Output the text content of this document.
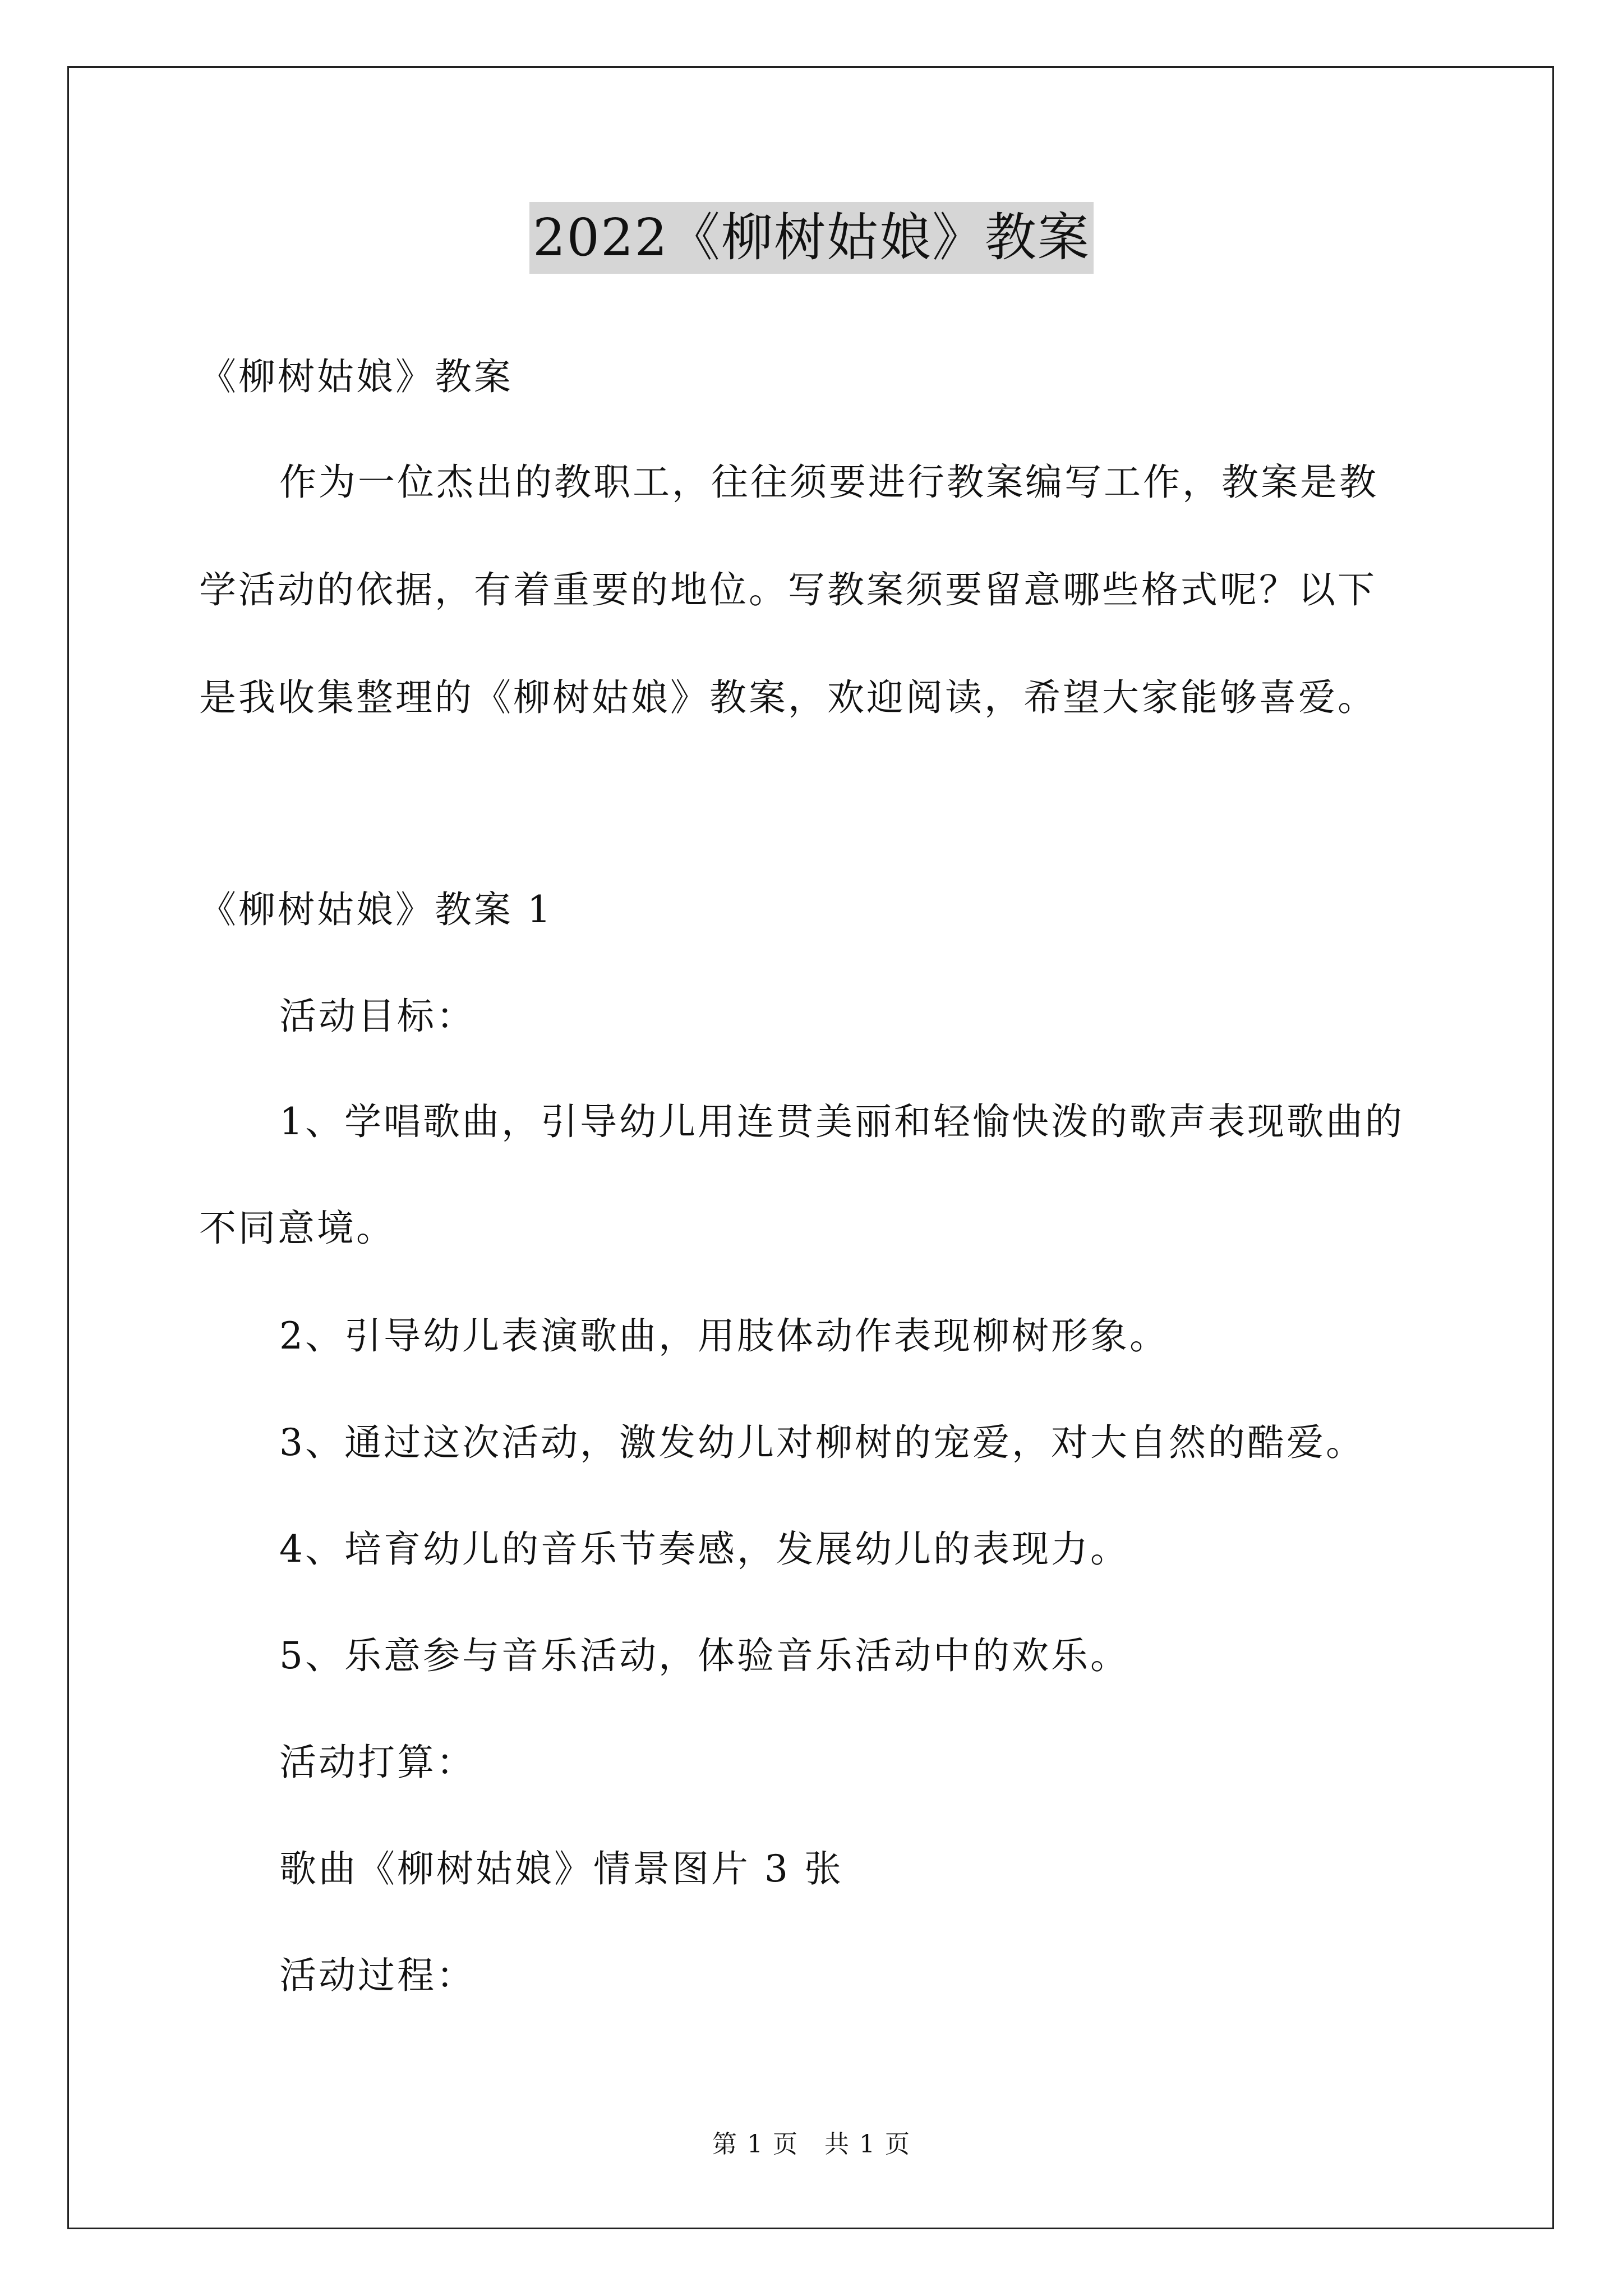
2022《柳树姑娘》教案
《柳树姑娘》教案
作为一位杰出的教职工，往往须要进行教案编写工作，教案是教
学活动的依据，有着重要的地位。写教案须要留意哪些格式呢？以下
是我收集整理的《柳树姑娘》教案，欢迎阅读，希望大家能够喜爱。
《柳树姑娘》教案 1
活动目标：
1、学唱歌曲，引导幼儿用连贯美丽和轻愉快泼的歌声表现歌曲的
不同意境。
2、引导幼儿表演歌曲，用肢体动作表现柳树形象。
3、通过这次活动，激发幼儿对柳树的宠爱，对大自然的酷爱。
4、培育幼儿的音乐节奏感，发展幼儿的表现力。
5、乐意参与音乐活动，体验音乐活动中的欢乐。
活动打算：
歌曲《柳树姑娘》情景图片 3 张
活动过程：
第 1 页　共 1 页
